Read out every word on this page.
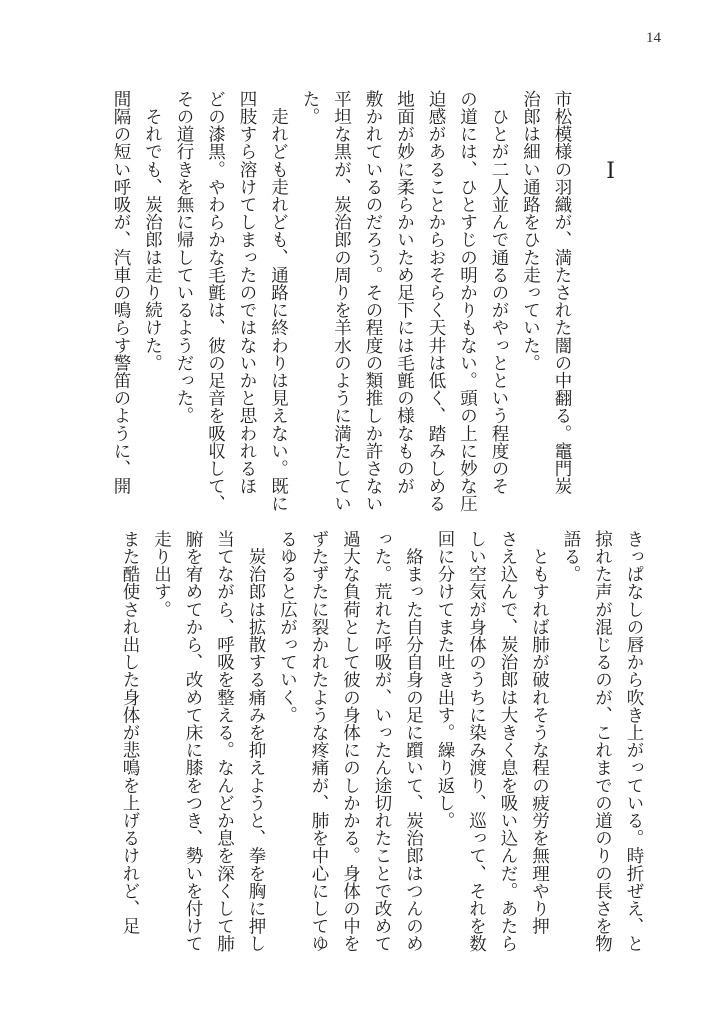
14
Ⅰ

市松模様の羽織が、満たされた闇の中翻る。竈門炭

治郎は細い通路をひた走っていた。

　ひとが二人並んで通るのがやっとという程度のそ

の道には、ひとすじの明かりもない。頭の上に妙な圧

迫感があることからおそらく天井は低く、踏みしめる

地面が妙に柔らかいため足下には毛氈の様なものが

敷かれているのだろう。その程度の類推しか許さない

平坦な黒が、炭治郎の周りを羊水のように満たしてい

た。

　走れども走れども、通路に終わりは見えない。既に

四肢すら溶けてしまったのではないかと思われるほ

どの漆黒。やわらかな毛氈は、彼の足音を吸収して、

その道行きを無に帰しているようだった。

　それでも、炭治郎は走り続けた。

間隔の短い呼吸が、汽車の鳴らす警笛のように、開

きっぱなしの唇から吹き上がっている。時折ぜえ、と

掠れた声が混じるのが、これまでの道のりの長さを物

語る。

　ともすれば肺が破れそうな程の疲労を無理やり押

さえ込んで、炭治郎は大きく息を吸い込んだ。あたら

しい空気が身体のうちに染み渡り、巡って、それを数

回に分けてまた吐き出す。繰り返し。

　絡まった自分自身の足に躓いて、炭治郎はつんのめ

った。荒れた呼吸が、いったん途切れたことで改めて

過大な負荷として彼の身体にのしかかる。身体の中を

ずたずたに裂かれたような疼痛が、肺を中心にしてゆ

るゆると広がっていく。

　炭治郎は拡散する痛みを抑えようと、拳を胸に押し

当てながら、呼吸を整える。なんどか息を深くして肺

腑を宥めてから、改めて床に膝をつき、勢いを付けて

走り出す。

また酷使され出した身体が悲鳴を上げるけれど、足
